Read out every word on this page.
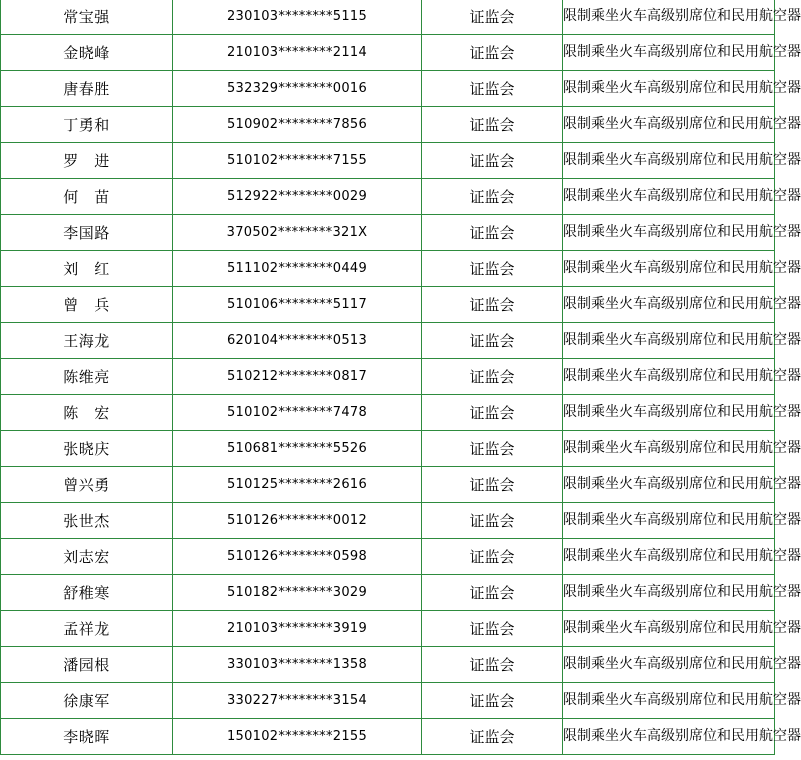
常宝强	230103********5115	证监会	限制乘坐火车高级别席位和民用航空器
金晓峰	210103********2114	证监会	限制乘坐火车高级别席位和民用航空器
唐春胜	532329********0016	证监会	限制乘坐火车高级别席位和民用航空器
丁勇和	510902********7856	证监会	限制乘坐火车高级别席位和民用航空器
罗　进	510102********7155	证监会	限制乘坐火车高级别席位和民用航空器
何　苗	512922********0029	证监会	限制乘坐火车高级别席位和民用航空器
李国路	370502********321X	证监会	限制乘坐火车高级别席位和民用航空器
刘　红	511102********0449	证监会	限制乘坐火车高级别席位和民用航空器
曾　兵	510106********5117	证监会	限制乘坐火车高级别席位和民用航空器
王海龙	620104********0513	证监会	限制乘坐火车高级别席位和民用航空器
陈维亮	510212********0817	证监会	限制乘坐火车高级别席位和民用航空器
陈　宏	510102********7478	证监会	限制乘坐火车高级别席位和民用航空器
张晓庆	510681********5526	证监会	限制乘坐火车高级别席位和民用航空器
曾兴勇	510125********2616	证监会	限制乘坐火车高级别席位和民用航空器
张世杰	510126********0012	证监会	限制乘坐火车高级别席位和民用航空器
刘志宏	510126********0598	证监会	限制乘坐火车高级别席位和民用航空器
舒稚寒	510182********3029	证监会	限制乘坐火车高级别席位和民用航空器
孟祥龙	210103********3919	证监会	限制乘坐火车高级别席位和民用航空器
潘园根	330103********1358	证监会	限制乘坐火车高级别席位和民用航空器
徐康军	330227********3154	证监会	限制乘坐火车高级别席位和民用航空器
李晓晖	150102********2155	证监会	限制乘坐火车高级别席位和民用航空器
